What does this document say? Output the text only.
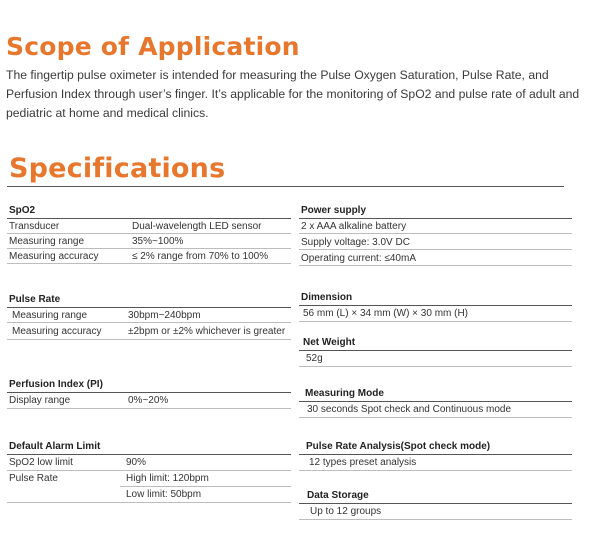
Scope of Application
The fingertip pulse oximeter is intended for measuring the Pulse Oxygen Saturation, Pulse Rate, and Perfusion Index through user’s finger. It’s applicable for the monitoring of SpO2 and pulse rate of adult and pediatric at home and medical clinics.
Specifications
SpO2
Transducer	Dual-wavelength LED sensor
Measuring range	35%~100%
Measuring accuracy	≤ 2% range from 70% to 100%
Pulse Rate
Measuring range	30bpm~240bpm
Measuring accuracy	±2bpm or ±2% whichever is greater
Perfusion Index (PI)
Display range	0%~20%
Default Alarm Limit
SpO2 low limit	90%
Pulse Rate	High limit: 120bpm
Low limit: 50bpm
Power supply
2 x AAA alkaline battery
Supply voltage: 3.0V DC
Operating current: ≤40mA
Dimension
56 mm (L) × 34 mm (W) × 30 mm (H)
Net Weight
52g
Measuring Mode
30 seconds Spot check and Continuous mode
Pulse Rate Analysis(Spot check mode)
12 types preset analysis
Data Storage
Up to 12 groups
